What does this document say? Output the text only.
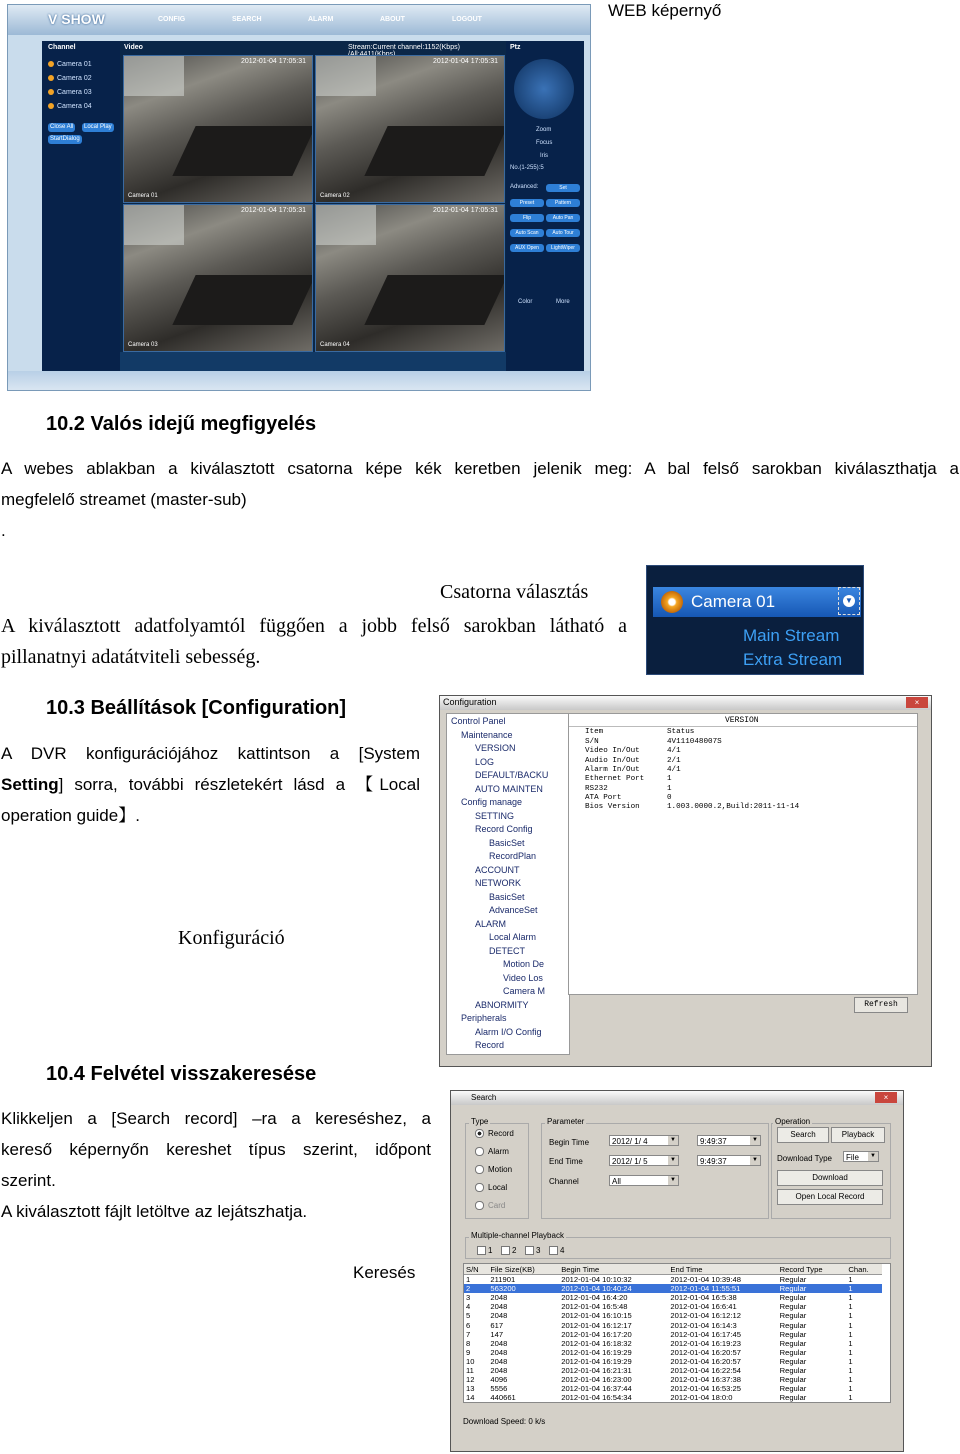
WEB képernyő
V SHOW	CONFIG	SEARCH	ALARM	ABOUT	LOGOUT
Channel
Camera 01
Camera 02
Camera 03
Camera 04
Close All	Local Play
StartDialog
Video	Stream:Current channel:1152(Kbps)
2012-01-04 17:05:31
Camera 01
2012-01-04 17:05:31
Camera 02
2012-01-04 17:05:31
Camera 03
2012-01-04 17:05:31
Camera 04
Ptz
Zoom
Focus
Iris
No.(1-255):5
Advanced:	Set
Preset	Pattern
Flip	Auto Pan
Auto Scan	Auto Tour
AUX Open	LightWiper
Color	More
10.2 Valós idejű megfigyelés
A webes ablakban a kiválasztott csatorna képe kék keretben jelenik meg: A bal felső sarokban kiválaszthatja a
megfelelő streamet (master-sub)
.
Csatorna választás
A kiválasztott adatfolyamtól függően a jobb felső sarokban látható a
pillanatnyi adatátviteli sebesség.
Camera 01	▼
Main Stream
Extra Stream
10.3 Beállítások [Configuration]
A DVR konfigurációjához kattintson a [System
Setting] sorra, további részletekért lásd a 【Local
operation guide】.
Konfiguráció
Configuration	×
Control Panel
Maintenance
VERSION
LOG
DEFAULT/BACKU
AUTO MAINTEN
Config manage
SETTING
Record Config
BasicSet
RecordPlan
ACCOUNT
NETWORK
BasicSet
AdvanceSet
ALARM
Local Alarm
DETECT
Motion De
Video Los
Camera M
ABNORMITY
Peripherals
Alarm I/O Config
Record
VERSION
Item	Status
S/N	4V111048007S
Video In/Out	4/1
Audio In/Out	2/1
Alarm In/Out	4/1
Ethernet Port	1
RS232	1
ATA Port	0
Bios Version	1.003.0000.2,Build:2011-11-14
Refresh
10.4 Felvétel visszakeresése
Klikkeljen a [Search record] –ra a kereséshez, a
kereső képernyőn kereshet típus szerint, időpont
szerint.
A kiválasztott fájlt letöltve az lejátszhatja.
Keresés
Search	×
Type
Record
Alarm
Motion
Local
Card
Parameter
Begin Time	2012/ 1/ 4	▼	9:49:37	▼
End Time	2012/ 1/ 5	▼	9:49:37	▼
Channel	All	▼
Operation
Search	Playback
Download Type	File	▼
Download
Open Local Record
Multiple-channel Playback
1	2	3	4
S/N	File Size(KB)	Begin Time	End Time	Record Type	Chan.
1	211901	2012-01-04 10:10:32	2012-01-04 10:39:48	Regular	1
2	563200	2012-01-04 10:40:24	2012-01-04 11:55:51	Regular	1
3	2048	2012-01-04 16:4:20	2012-01-04 16:5:38	Regular	1
4	2048	2012-01-04 16:5:48	2012-01-04 16:6:41	Regular	1
5	2048	2012-01-04 16:10:15	2012-01-04 16:12:12	Regular	1
6	617	2012-01-04 16:12:17	2012-01-04 16:14:3	Regular	1
7	147	2012-01-04 16:17:20	2012-01-04 16:17:45	Regular	1
8	2048	2012-01-04 16:18:32	2012-01-04 16:19:23	Regular	1
9	2048	2012-01-04 16:19:29	2012-01-04 16:20:57	Regular	1
10	2048	2012-01-04 16:19:29	2012-01-04 16:20:57	Regular	1
11	2048	2012-01-04 16:21:31	2012-01-04 16:22:54	Regular	1
12	4096	2012-01-04 16:23:00	2012-01-04 16:37:38	Regular	1
13	5556	2012-01-04 16:37:44	2012-01-04 16:53:25	Regular	1
14	440661	2012-01-04 16:54:34	2012-01-04 18:0:0	Regular	1
Download Speed: 0 k/s
